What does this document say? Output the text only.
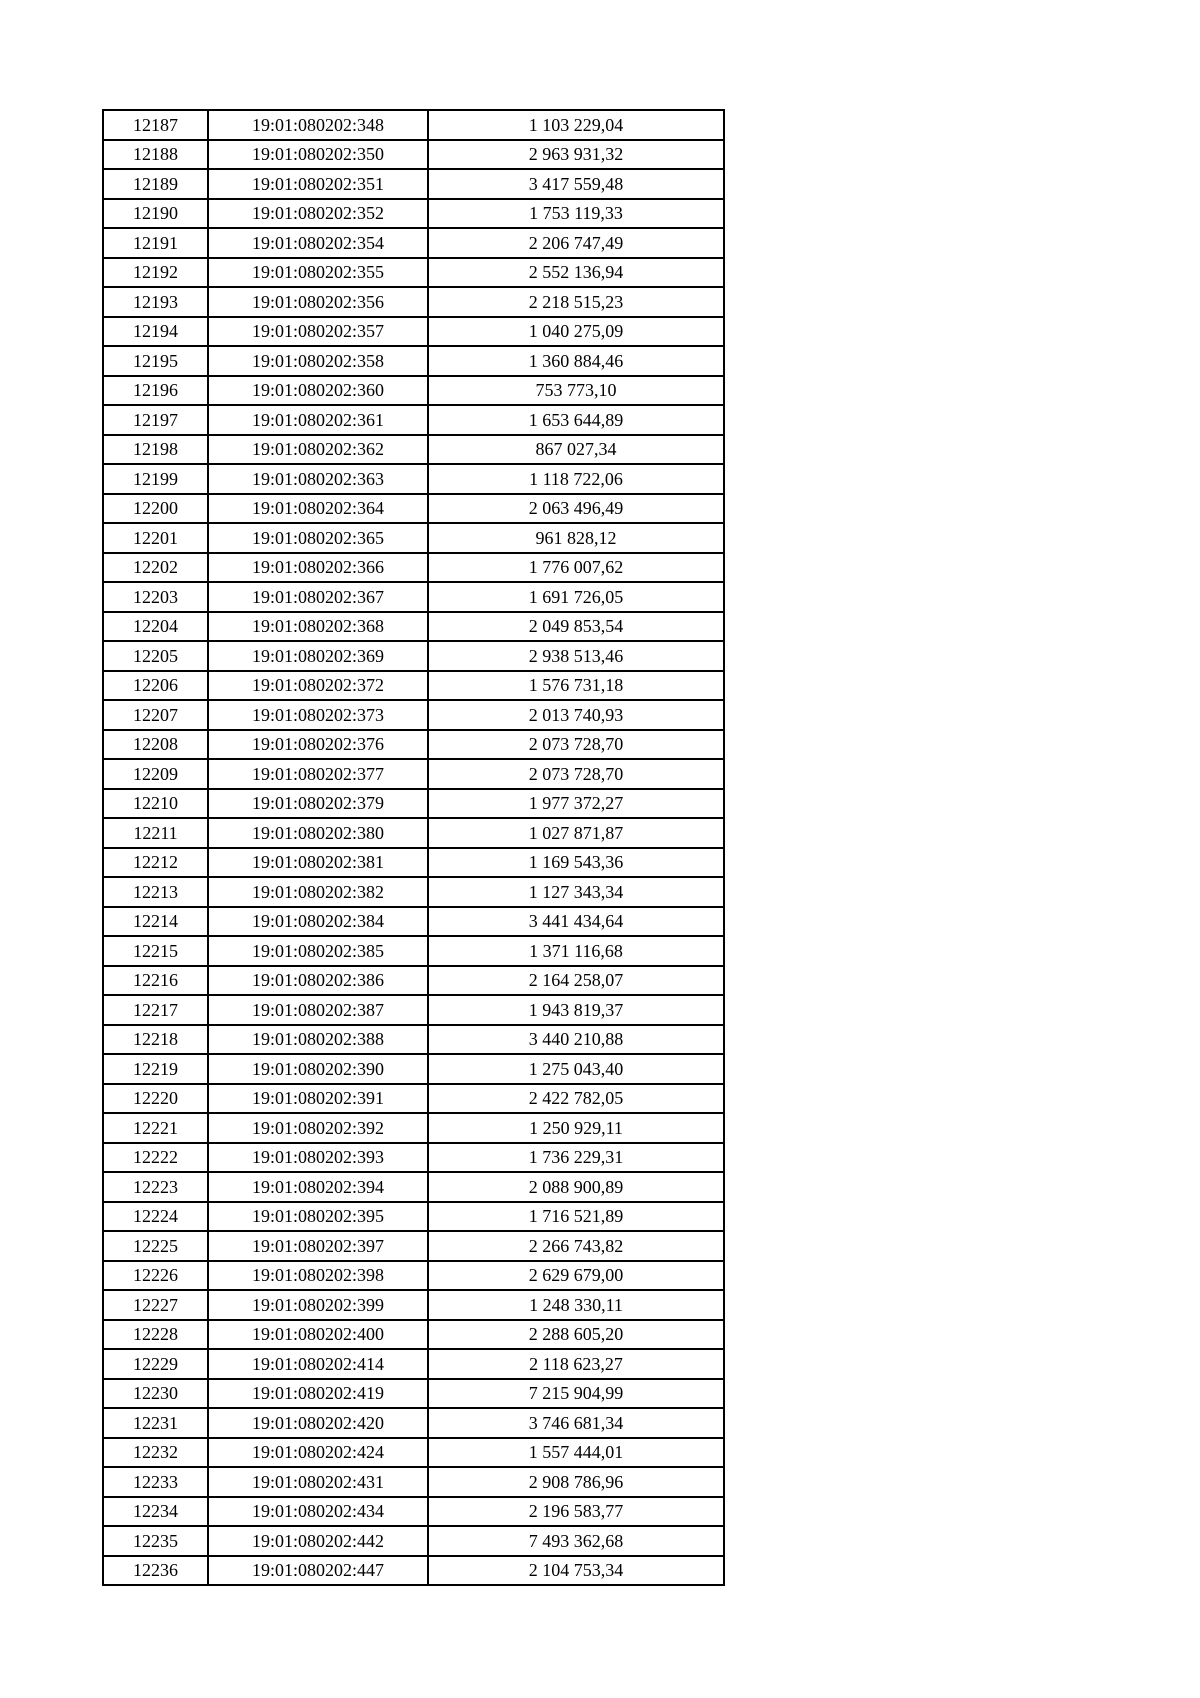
12187	19:01:080202:348	1 103 229,04
12188	19:01:080202:350	2 963 931,32
12189	19:01:080202:351	3 417 559,48
12190	19:01:080202:352	1 753 119,33
12191	19:01:080202:354	2 206 747,49
12192	19:01:080202:355	2 552 136,94
12193	19:01:080202:356	2 218 515,23
12194	19:01:080202:357	1 040 275,09
12195	19:01:080202:358	1 360 884,46
12196	19:01:080202:360	753 773,10
12197	19:01:080202:361	1 653 644,89
12198	19:01:080202:362	867 027,34
12199	19:01:080202:363	1 118 722,06
12200	19:01:080202:364	2 063 496,49
12201	19:01:080202:365	961 828,12
12202	19:01:080202:366	1 776 007,62
12203	19:01:080202:367	1 691 726,05
12204	19:01:080202:368	2 049 853,54
12205	19:01:080202:369	2 938 513,46
12206	19:01:080202:372	1 576 731,18
12207	19:01:080202:373	2 013 740,93
12208	19:01:080202:376	2 073 728,70
12209	19:01:080202:377	2 073 728,70
12210	19:01:080202:379	1 977 372,27
12211	19:01:080202:380	1 027 871,87
12212	19:01:080202:381	1 169 543,36
12213	19:01:080202:382	1 127 343,34
12214	19:01:080202:384	3 441 434,64
12215	19:01:080202:385	1 371 116,68
12216	19:01:080202:386	2 164 258,07
12217	19:01:080202:387	1 943 819,37
12218	19:01:080202:388	3 440 210,88
12219	19:01:080202:390	1 275 043,40
12220	19:01:080202:391	2 422 782,05
12221	19:01:080202:392	1 250 929,11
12222	19:01:080202:393	1 736 229,31
12223	19:01:080202:394	2 088 900,89
12224	19:01:080202:395	1 716 521,89
12225	19:01:080202:397	2 266 743,82
12226	19:01:080202:398	2 629 679,00
12227	19:01:080202:399	1 248 330,11
12228	19:01:080202:400	2 288 605,20
12229	19:01:080202:414	2 118 623,27
12230	19:01:080202:419	7 215 904,99
12231	19:01:080202:420	3 746 681,34
12232	19:01:080202:424	1 557 444,01
12233	19:01:080202:431	2 908 786,96
12234	19:01:080202:434	2 196 583,77
12235	19:01:080202:442	7 493 362,68
12236	19:01:080202:447	2 104 753,34
